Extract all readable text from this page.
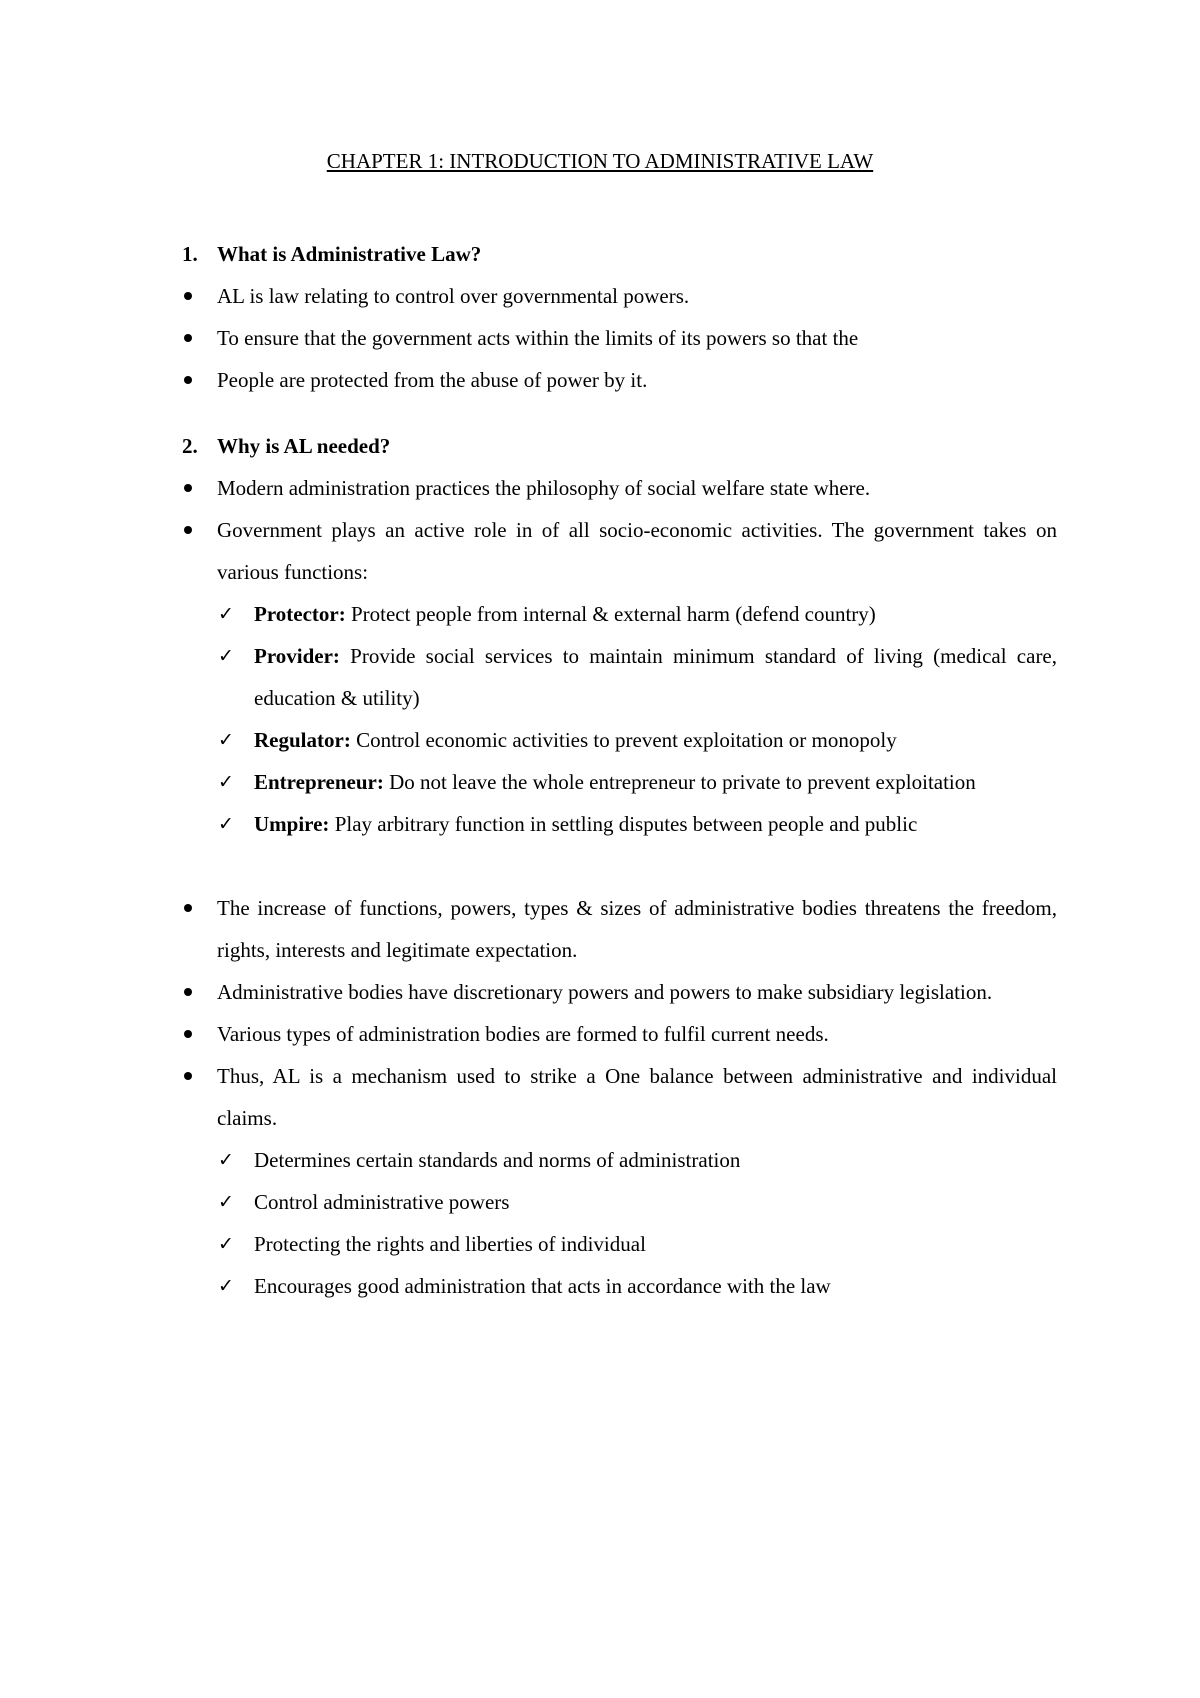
CHAPTER 1: INTRODUCTION TO ADMINISTRATIVE LAW
1. What is Administrative Law?
AL is law relating to control over governmental powers.
To ensure that the government acts within the limits of its powers so that the
People are protected from the abuse of power by it.
2. Why is AL needed?
Modern administration practices the philosophy of social welfare state where.
Government plays an active role in of all socio-economic activities. The government takes on various functions:
✓ Protector: Protect people from internal & external harm (defend country)
✓ Provider: Provide social services to maintain minimum standard of living (medical care, education & utility)
✓ Regulator: Control economic activities to prevent exploitation or monopoly
✓ Entrepreneur: Do not leave the whole entrepreneur to private to prevent exploitation
✓ Umpire: Play arbitrary function in settling disputes between people and public
The increase of functions, powers, types & sizes of administrative bodies threatens the freedom, rights, interests and legitimate expectation.
Administrative bodies have discretionary powers and powers to make subsidiary legislation.
Various types of administration bodies are formed to fulfil current needs.
Thus, AL is a mechanism used to strike a One balance between administrative and individual claims.
✓ Determines certain standards and norms of administration
✓ Control administrative powers
✓ Protecting the rights and liberties of individual
✓ Encourages good administration that acts in accordance with the law
